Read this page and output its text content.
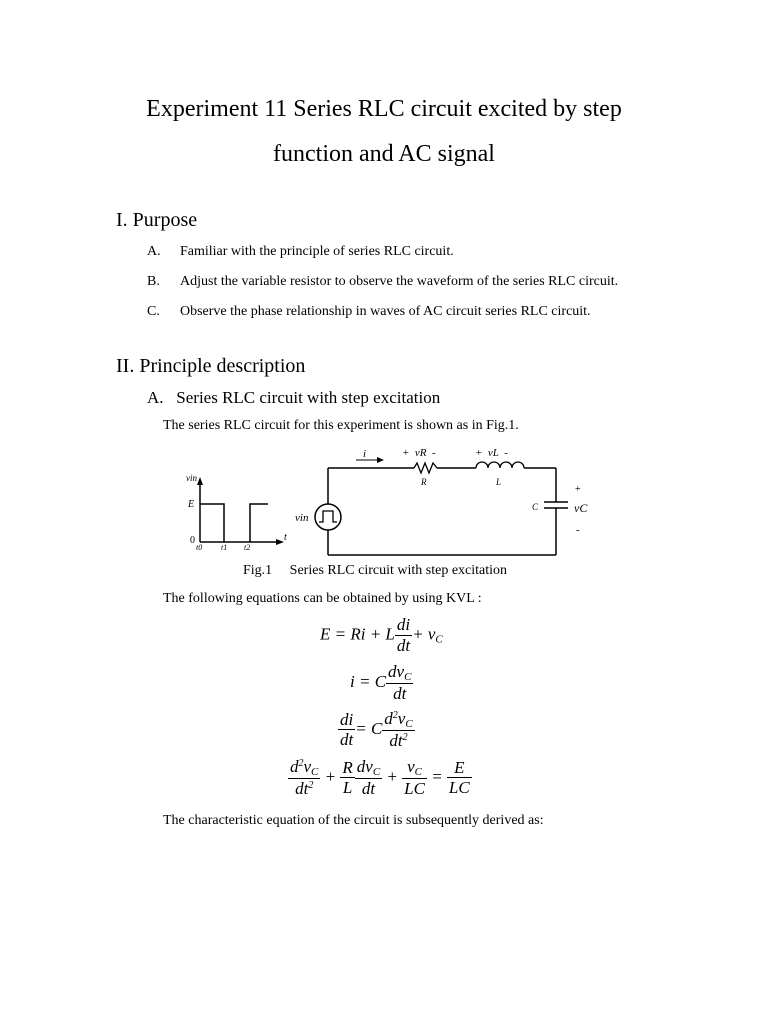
Experiment 11 Series RLC circuit excited by step
function and AC signal
I. Purpose
A. Familiar with the principle of series RLC circuit.
B. Adjust the variable resistor to observe the waveform of the series RLC circuit.
C. Observe the phase relationship in waves of AC circuit series RLC circuit.
II. Principle description
A.   Series RLC circuit with step excitation
The series RLC circuit for this experiment is shown as in Fig.1.
vin
E
0	t
t0 t1 t2
i	+  vR  -	+  vL  -
R	L
C	vC
+
-
vin
Fig.1     Series RLC circuit with step excitation
The following equations can be obtained by using KVL :
E = Ri + L $\frac{di}{dt} + v_C$
i = C $\frac{dv_C}{dt}$
$\frac{di}{dt} = C \frac{d^2v_C}{dt^2}$
$\frac{d^2v_C}{dt^2} + \frac{R}{L} \frac{dv_C}{dt} + \frac{v_C}{LC} = \frac{E}{LC}$
The characteristic equation of the circuit is subsequently derived as:
